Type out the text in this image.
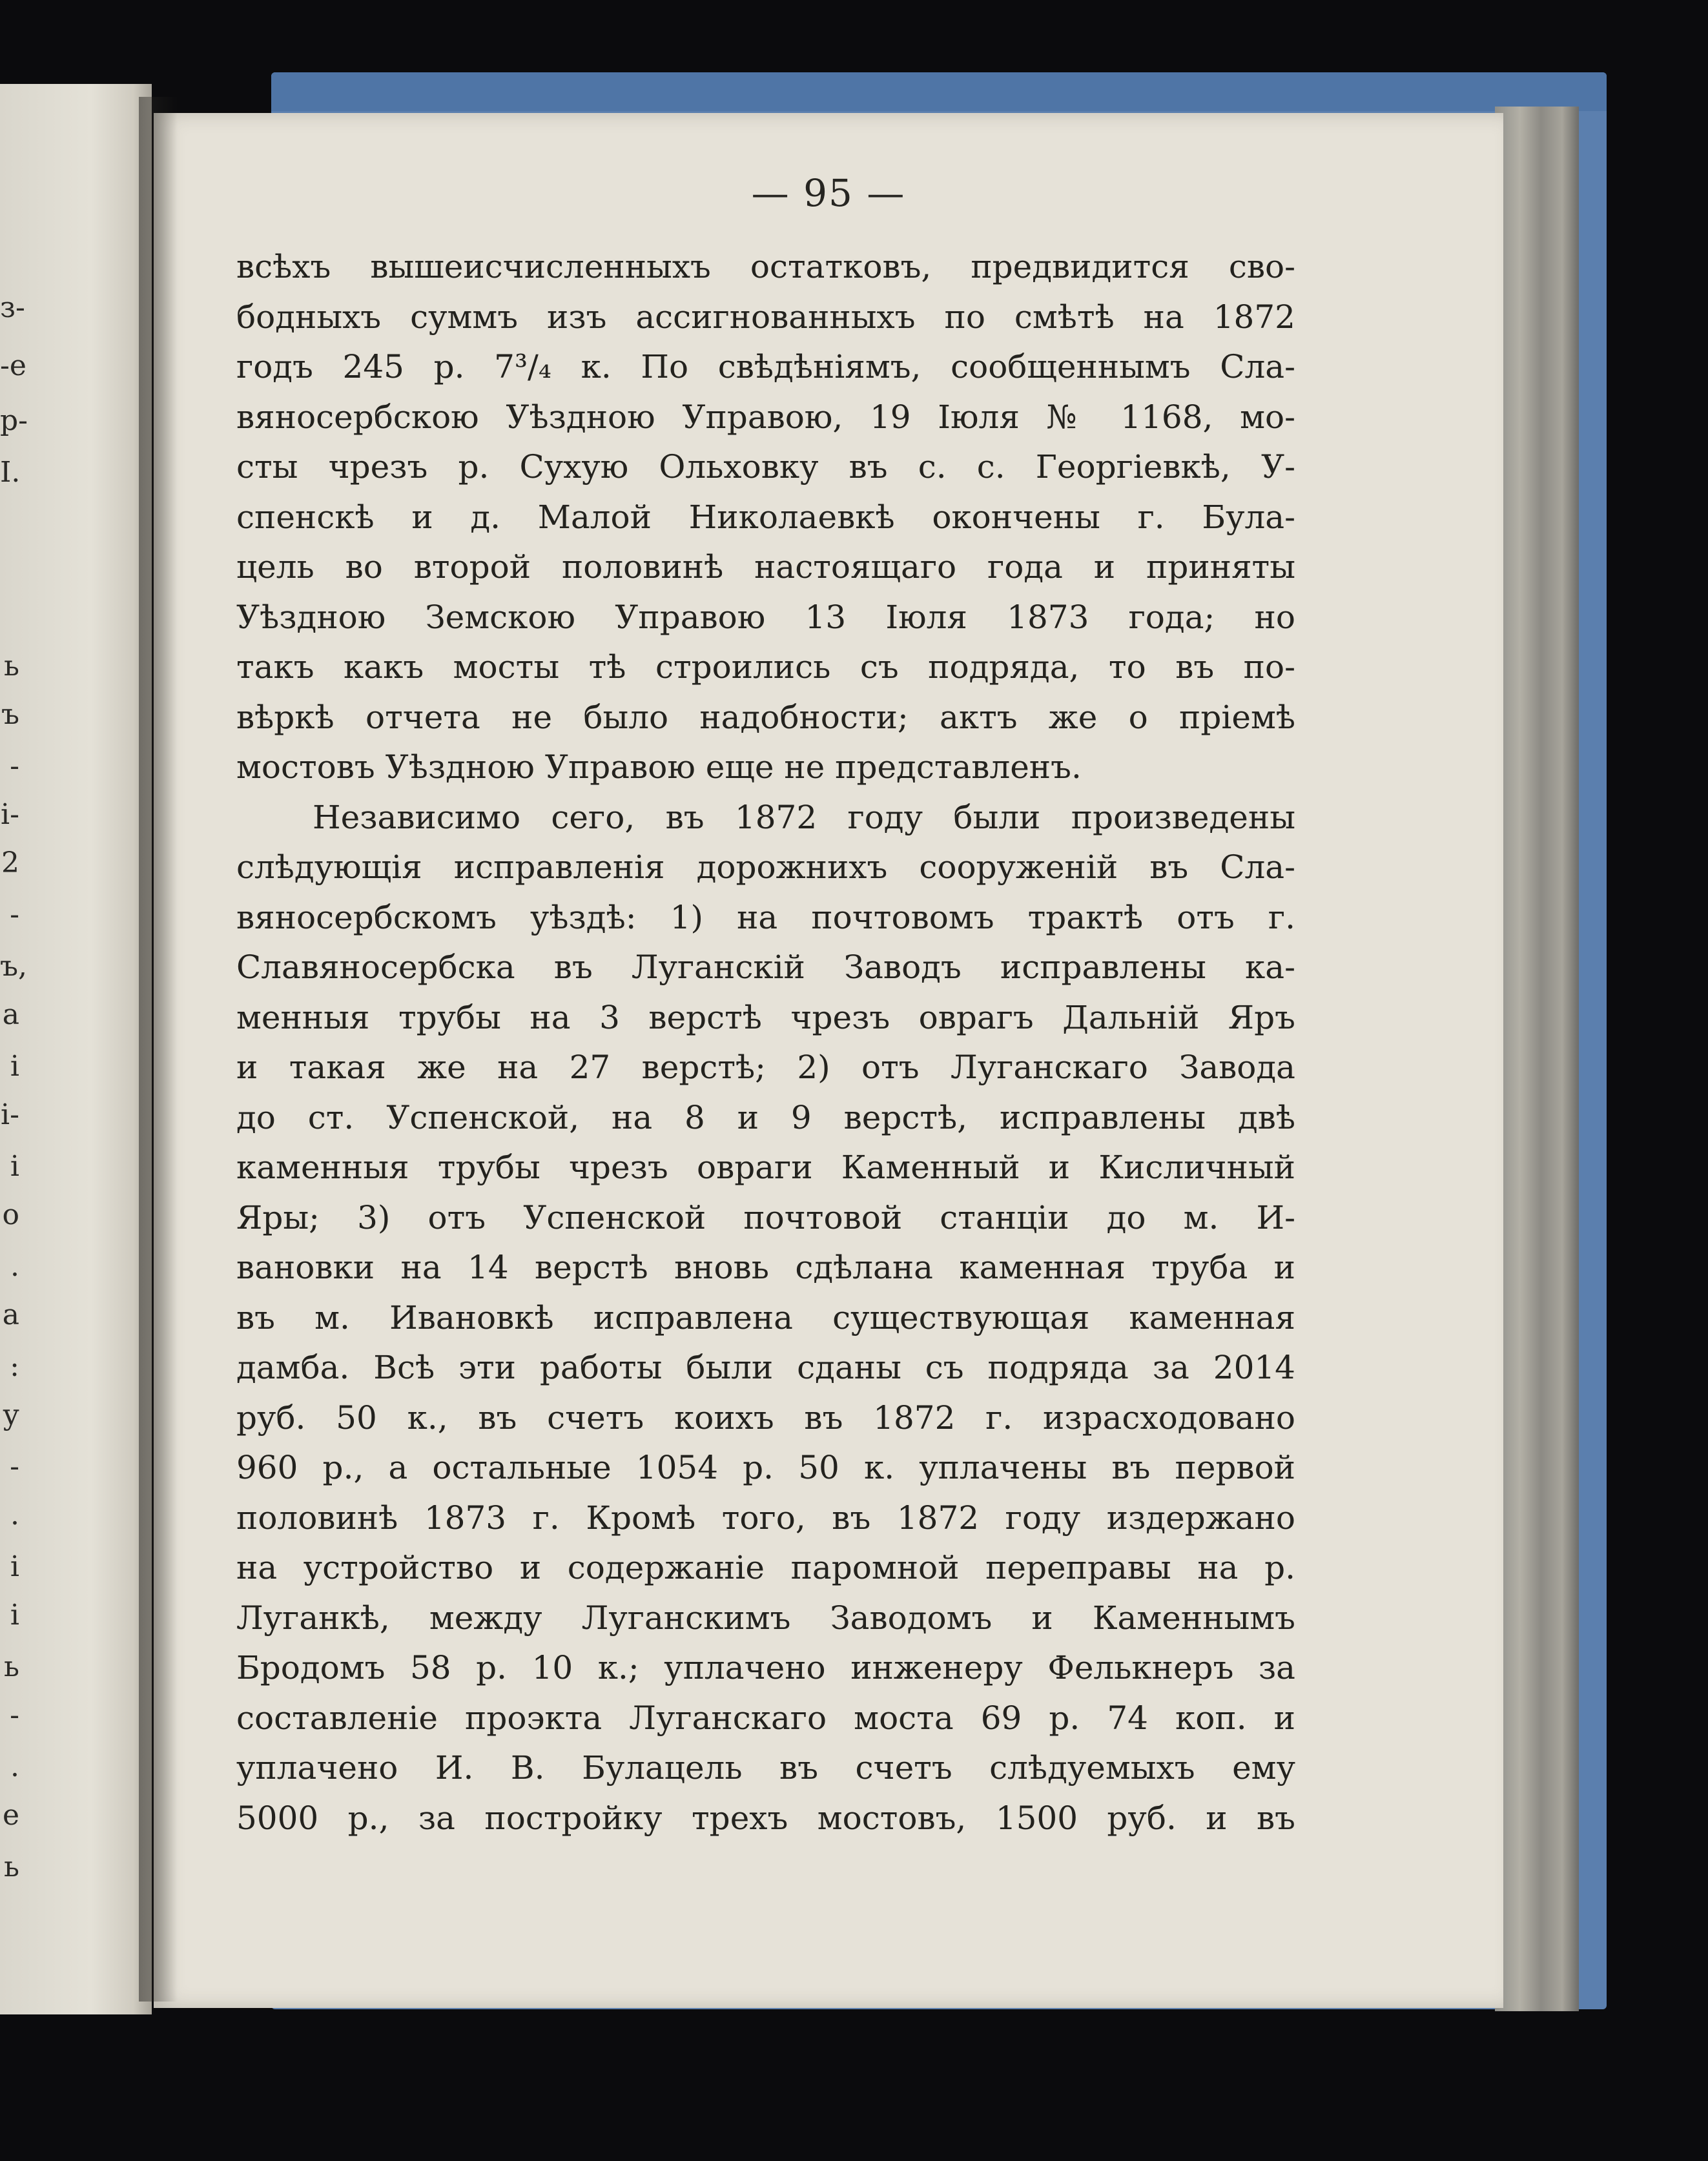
з-
-е
р-
І.
ь
ъ
-
і-
2
-
ъ,
а
і
і-
і
о
.
а
:
у
-
.
і
і
ь
-
.
е
ь
— 95 —
всѣхъ вышеисчисленныхъ остатковъ, предвидится сво-
бодныхъ суммъ изъ ассигнованныхъ по смѣтѣ на 1872
годъ 245 р. 7³/₄ к. По свѣдѣніямъ, сообщеннымъ Сла-
вяносербскою Уѣздною Управою, 19 Іюля № 1168, мо-
сты чрезъ р. Сухую Ольховку въ с. с. Георгіевкѣ, У-
спенскѣ и д. Малой Николаевкѣ окончены г. Була-
цель во второй половинѣ настоящаго года и приняты
Уѣздною Земскою Управою 13 Іюля 1873 года; но
такъ какъ мосты тѣ строились съ подряда, то въ по-
вѣркѣ отчета не было надобности; актъ же о пріемѣ
мостовъ Уѣздною Управою еще не представленъ.
Независимо сего, въ 1872 году были произведены
слѣдующія исправленія дорожнихъ сооруженій въ Сла-
вяносербскомъ уѣздѣ: 1) на почтовомъ трактѣ отъ г.
Славяносербска въ Луганскій Заводъ исправлены ка-
менныя трубы на 3 верстѣ чрезъ оврагъ Дальній Яръ
и такая же на 27 верстѣ; 2) отъ Луганскаго Завода
до ст. Успенской, на 8 и 9 верстѣ, исправлены двѣ
каменныя трубы чрезъ овраги Каменный и Кисличный
Яры; 3) отъ Успенской почтовой станціи до м. И-
вановки на 14 верстѣ вновь сдѣлана каменная труба и
въ м. Ивановкѣ исправлена существующая каменная
дамба. Всѣ эти работы были сданы съ подряда за 2014
руб. 50 к., въ счетъ коихъ въ 1872 г. израсходовано
960 р., а остальные 1054 р. 50 к. уплачены въ первой
половинѣ 1873 г. Кромѣ того, въ 1872 году издержано
на устройство и содержаніе паромной переправы на р.
Луганкѣ, между Луганскимъ Заводомъ и Каменнымъ
Бродомъ 58 р. 10 к.; уплачено инженеру Фелькнеръ за
составленіе проэкта Луганскаго моста 69 р. 74 коп. и
уплачено И. В. Булацель въ счетъ слѣдуемыхъ ему
5000 р., за постройку трехъ мостовъ, 1500 руб. и въ
